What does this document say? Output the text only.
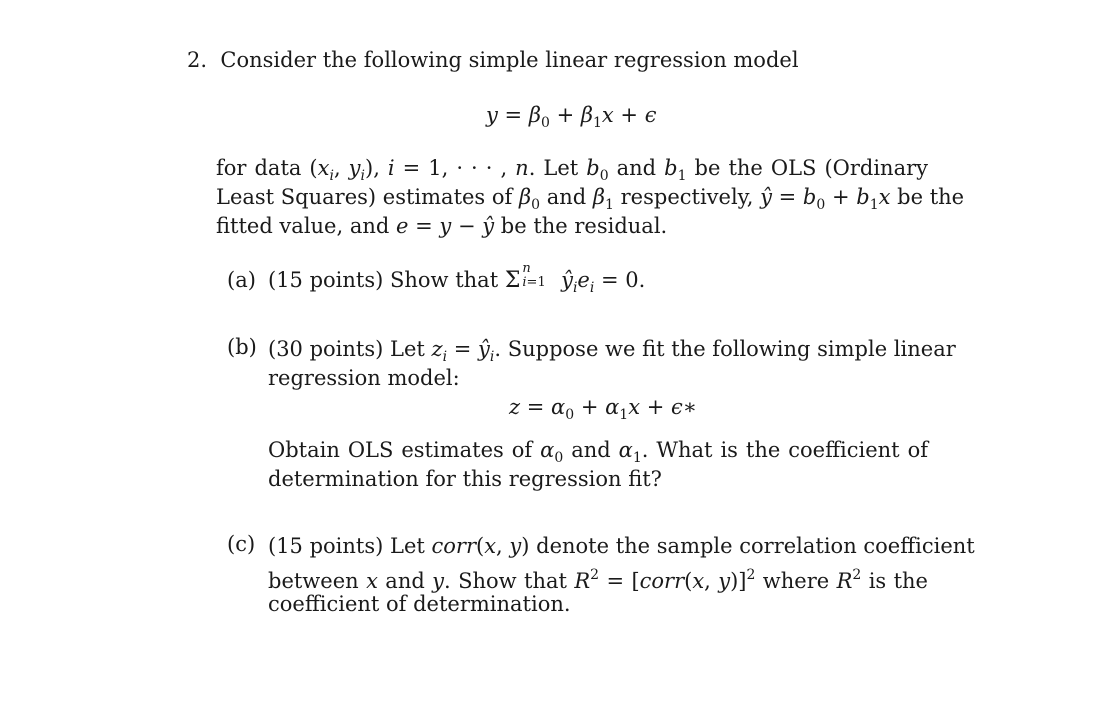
2. Consider the following simple linear regression model
$y = \beta_0 + \beta_1x + \epsilon$
for data ($x_i$, $y_i$), i = 1, · · · , n. Let $b_0$ and $b_1$ be the OLS (Ordinary
Least Squares) estimates of $\beta_0$ and $\beta_1$ respectively, ŷ = $b_0 + b_1x$ be the
fitted value, and e = y − ŷ be the residual.
(a) (15 points) Show that Σ n
i=1 $ŷ_ie_i = 0$.
(b) (30 points) Let $z_i$ = $ŷ_i$. Suppose we fit the following simple linear
regression model:
$z = \alpha_0 + \alpha_1x$ + ϵ∗
Obtain OLS estimates of $\alpha_0$ and $\alpha_1$. What is the coefficient of
determination for this regression fit?
(c) (15 points) Let corr(x, y) denote the sample correlation coefficient
between x and y. Show that $R^2$ = [corr(x, y)]$^2$ where $R^2$ is the
coefficient of determination.
